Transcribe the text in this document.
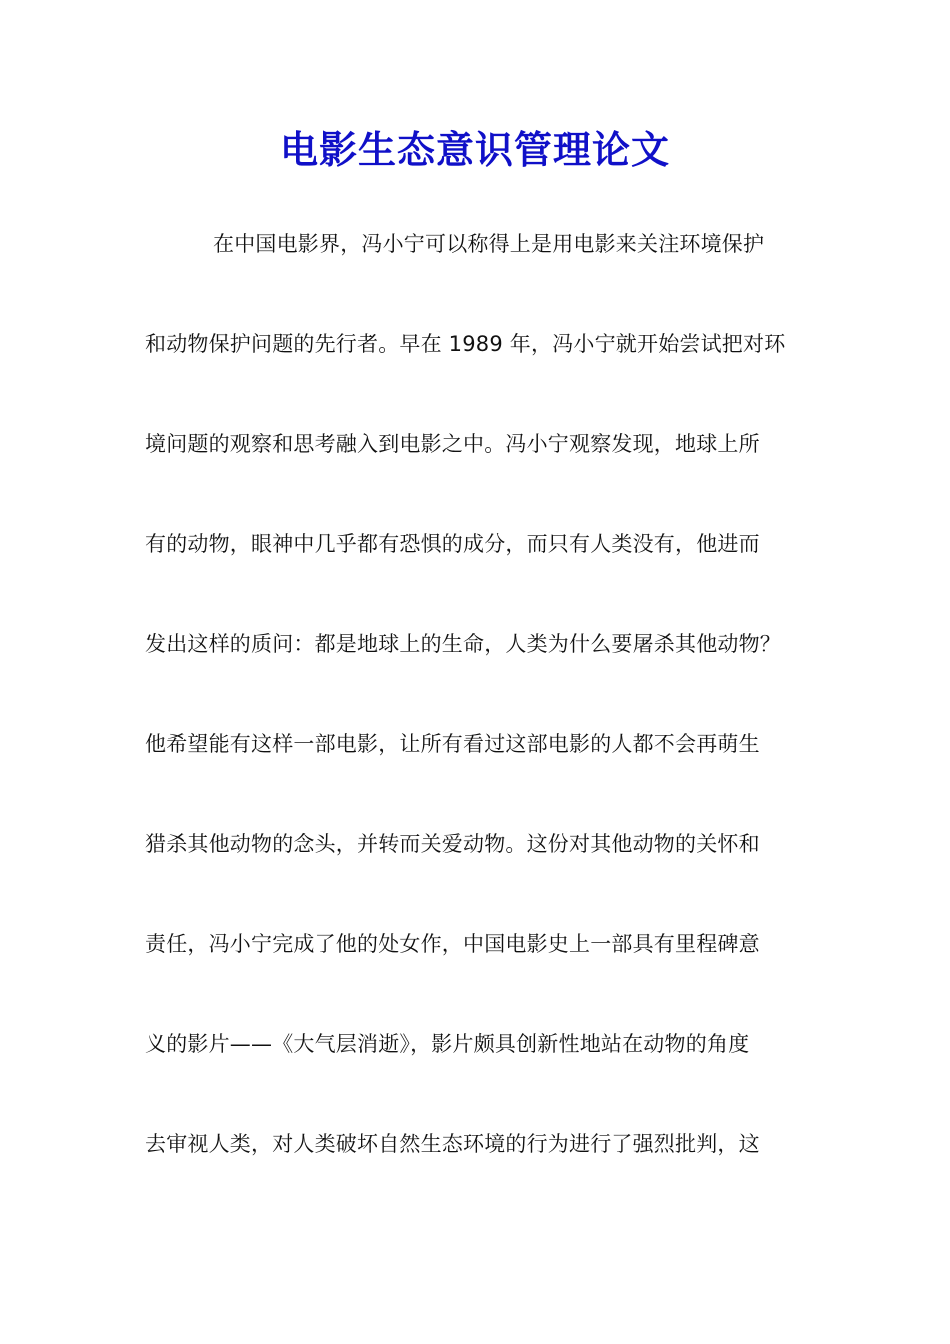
电影生态意识管理论文
在中国电影界，冯小宁可以称得上是用电影来关注环境保护
和动物保护问题的先行者。早在 1989 年，冯小宁就开始尝试把对环
境问题的观察和思考融入到电影之中。冯小宁观察发现，地球上所
有的动物，眼神中几乎都有恐惧的成分，而只有人类没有，他进而
发出这样的质问：都是地球上的生命，人类为什么要屠杀其他动物？
他希望能有这样一部电影，让所有看过这部电影的人都不会再萌生
猎杀其他动物的念头，并转而关爱动物。这份对其他动物的关怀和
责任，冯小宁完成了他的处女作，中国电影史上一部具有里程碑意
义的影片——《大气层消逝》，影片颇具创新性地站在动物的角度
去审视人类，对人类破坏自然生态环境的行为进行了强烈批判，这
